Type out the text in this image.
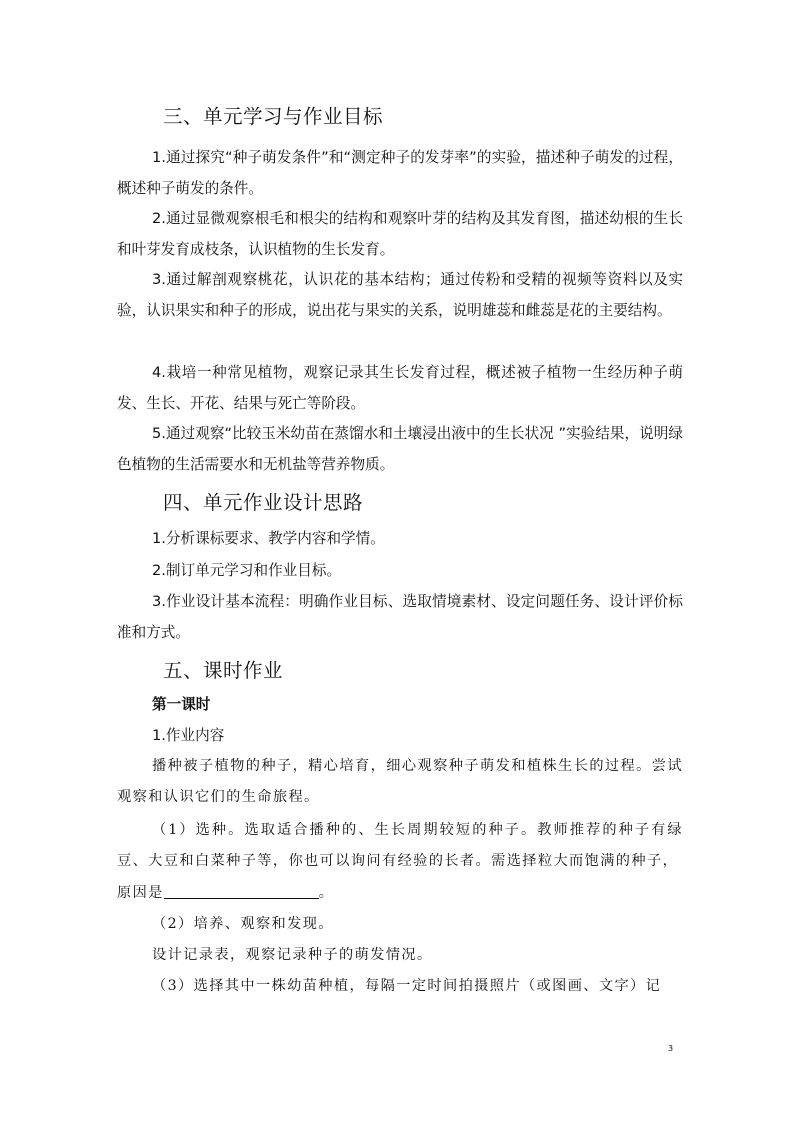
三、单元学习与作业目标

1.通过探究“种子萌发条件”和“测定种子的发芽率”的实验，描述种子萌发的过程，概述种子萌发的条件。

2.通过显微观察根毛和根尖的结构和观察叶芽的结构及其发育图，描述幼根的生长和叶芽发育成枝条，认识植物的生长发育。

3.通过解剖观察桃花，认识花的基本结构；通过传粉和受精的视频等资料以及实验，认识果实和种子的形成，说出花与果实的关系，说明雄蕊和雌蕊是花的主要结构。

4.栽培一种常见植物，观察记录其生长发育过程，概述被子植物一生经历种子萌发、生长、开花、结果与死亡等阶段。

5.通过观察“比较玉米幼苗在蒸馏水和土壤浸出液中的生长状况 ”实验结果，说明绿色植物的生活需要水和无机盐等营养物质。

四、单元作业设计思路

1.分析课标要求、教学内容和学情。

2.制订单元学习和作业目标。

3.作业设计基本流程：明确作业目标、选取情境素材、设定问题任务、设计评价标准和方式。

五、课时作业

第一课时

1.作业内容

播种被子植物的种子，精心培育，细心观察种子萌发和植株生长的过程。尝试观察和认识它们的生命旅程。

（1）选种。选取适合播种的、生长周期较短的种子。教师推荐的种子有绿豆、大豆和白菜种子等，你也可以询问有经验的长者。需选择粒大而饱满的种子，

原因是	。

（2）培养、观察和发现。

设计记录表，观察记录种子的萌发情况。

（3）选择其中一株幼苗种植，每隔一定时间拍摄照片（或图画、文字）记

3
